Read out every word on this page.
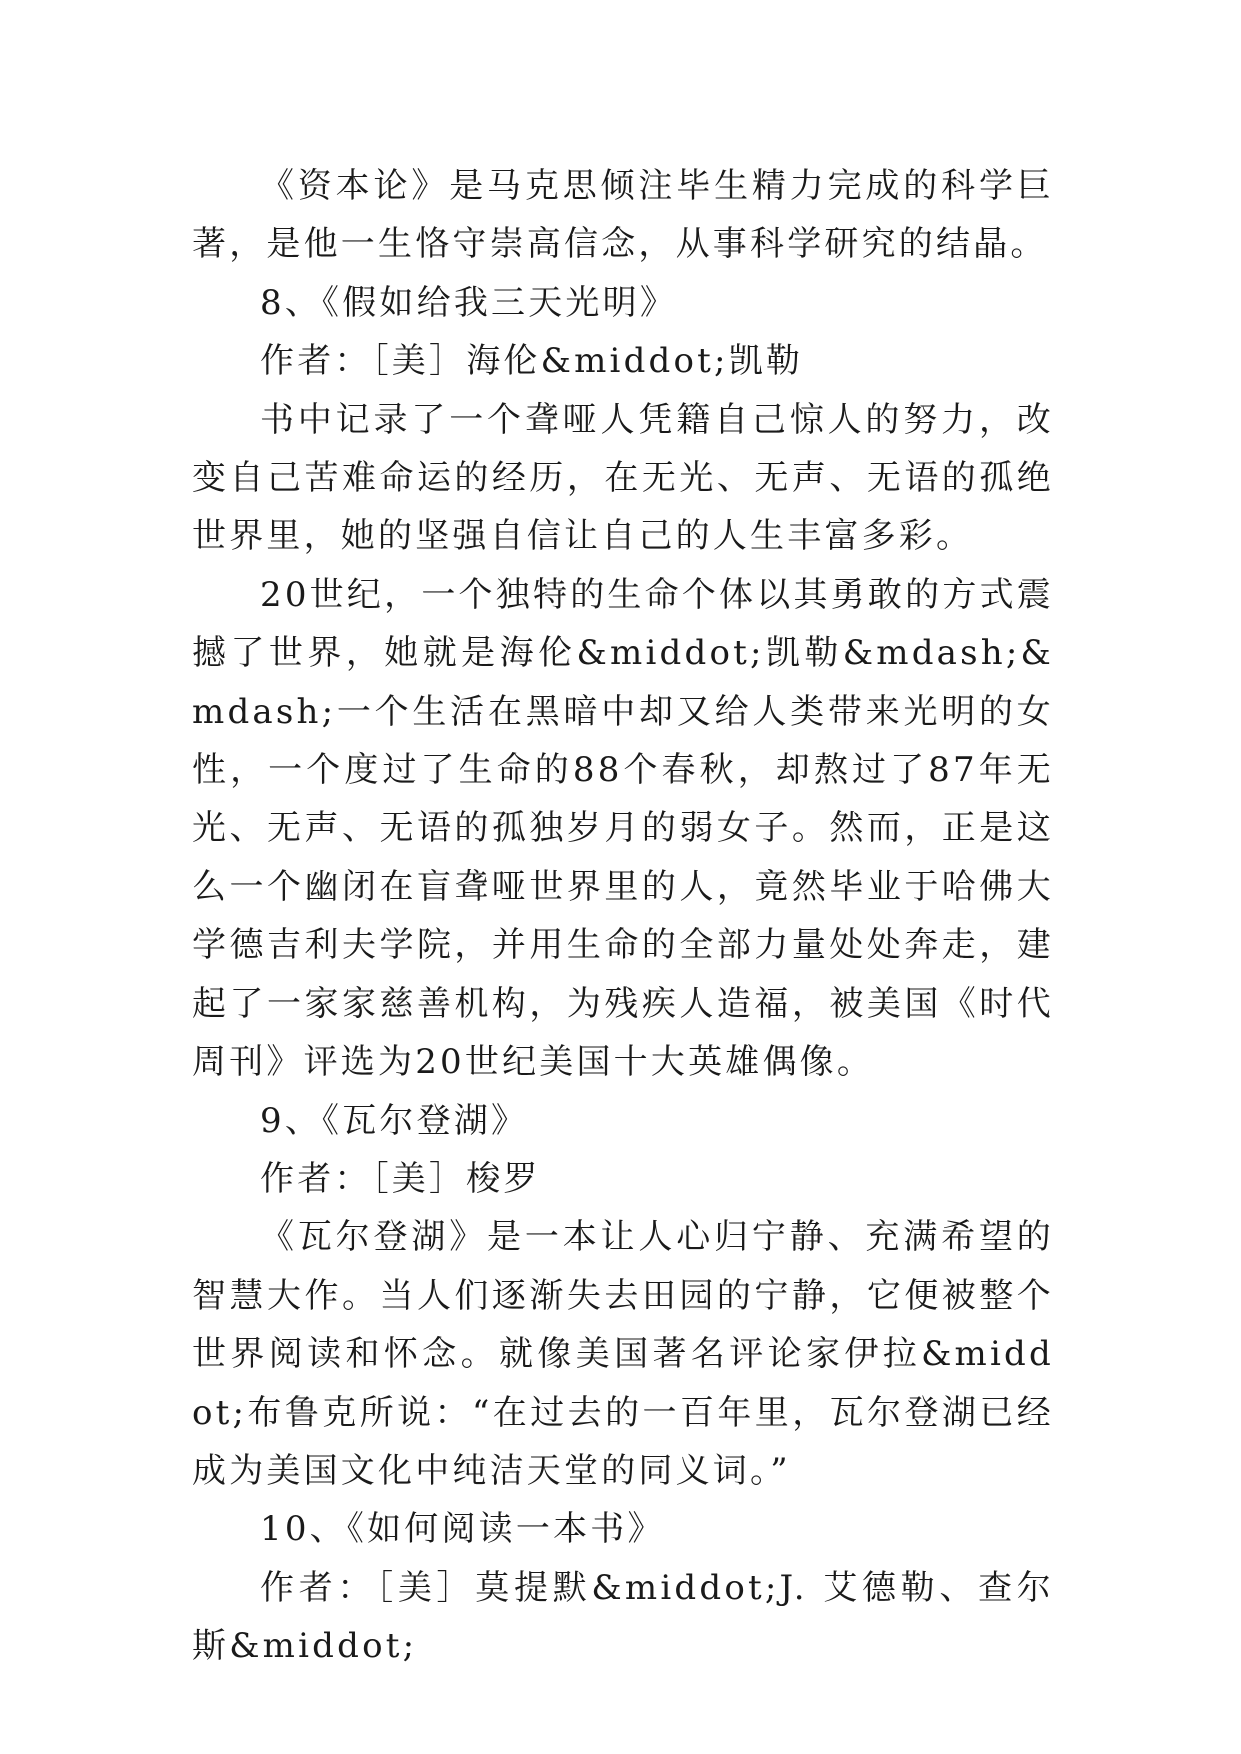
《资本论》是马克思倾注毕生精力完成的科学巨著，是他一生恪守崇高信念，从事科学研究的结晶。

8、《假如给我三天光明》

作者：［美］海伦&middot;凯勒

书中记录了一个聋哑人凭籍自己惊人的努力，改变自己苦难命运的经历，在无光、无声、无语的孤绝世界里，她的坚强自信让自己的人生丰富多彩。

20世纪，一个独特的生命个体以其勇敢的方式震撼了世界，她就是海伦&middot;凯勒&mdash;&mdash;一个生活在黑暗中却又给人类带来光明的女性，一个度过了生命的88个春秋，却熬过了87年无光、无声、无语的孤独岁月的弱女子。然而，正是这么一个幽闭在盲聋哑世界里的人，竟然毕业于哈佛大学德吉利夫学院，并用生命的全部力量处处奔走，建起了一家家慈善机构，为残疾人造福，被美国《时代周刊》评选为20世纪美国十大英雄偶像。

9、《瓦尔登湖》

作者：［美］梭罗

《瓦尔登湖》是一本让人心归宁静、充满希望的智慧大作。当人们逐渐失去田园的宁静，它便被整个世界阅读和怀念。就像美国著名评论家伊拉&middot;布鲁克所说：“在过去的一百年里，瓦尔登湖已经成为美国文化中纯洁天堂的同义词。”

10、《如何阅读一本书》

作者：［美］莫提默&middot;J. 艾德勒、查尔斯&middot;
